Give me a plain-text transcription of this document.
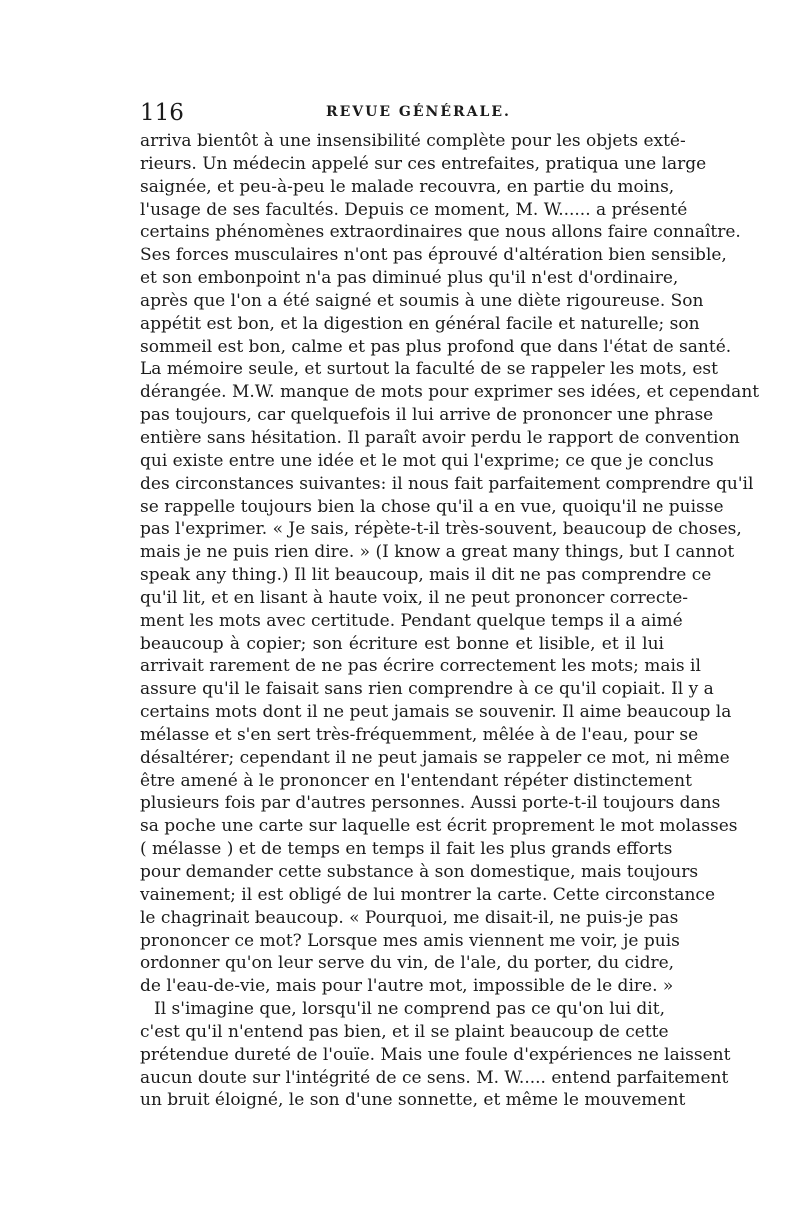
116	REVUE GÉNÉRALE.
arriva bientôt à une insensibilité complète pour les objets exté-
rieurs. Un médecin appelé sur ces entrefaites, pratiqua une large
saignée, et peu-à-peu le malade recouvra, en partie du moins,
l'usage de ses facultés. Depuis ce moment, M. W...... a présenté
certains phénomènes extraordinaires que nous allons faire connaître.
Ses forces musculaires n'ont pas éprouvé d'altération bien sensible,
et son embonpoint n'a pas diminué plus qu'il n'est d'ordinaire,
après que l'on a été saigné et soumis à une diète rigoureuse. Son
appétit est bon, et la digestion en général facile et naturelle; son
sommeil est bon, calme et pas plus profond que dans l'état de santé.
La mémoire seule, et surtout la faculté de se rappeler les mots, est
dérangée. M.W. manque de mots pour exprimer ses idées, et cependant
pas toujours, car quelquefois il lui arrive de prononcer une phrase
entière sans hésitation. Il paraît avoir perdu le rapport de convention
qui existe entre une idée et le mot qui l'exprime; ce que je conclus
des circonstances suivantes: il nous fait parfaitement comprendre qu'il
se rappelle toujours bien la chose qu'il a en vue, quoiqu'il ne puisse
pas l'exprimer. « Je sais, répète-t-il très-souvent, beaucoup de choses,
mais je ne puis rien dire. » (I know a great many things, but I cannot
speak any thing.) Il lit beaucoup, mais il dit ne pas comprendre ce
qu'il lit, et en lisant à haute voix, il ne peut prononcer correcte-
ment les mots avec certitude. Pendant quelque temps il a aimé
beaucoup à copier; son écriture est bonne et lisible, et il lui
arrivait rarement de ne pas écrire correctement les mots; mais il
assure qu'il le faisait sans rien comprendre à ce qu'il copiait. Il y a
certains mots dont il ne peut jamais se souvenir. Il aime beaucoup la
mélasse et s'en sert très-fréquemment, mêlée à de l'eau, pour se
désaltérer; cependant il ne peut jamais se rappeler ce mot, ni même
être amené à le prononcer en l'entendant répéter distinctement
plusieurs fois par d'autres personnes. Aussi porte-t-il toujours dans
sa poche une carte sur laquelle est écrit proprement le mot molasses
( mélasse ) et de temps en temps il fait les plus grands efforts
pour demander cette substance à son domestique, mais toujours
vainement; il est obligé de lui montrer la carte. Cette circonstance
le chagrinait beaucoup. « Pourquoi, me disait-il, ne puis-je pas
prononcer ce mot? Lorsque mes amis viennent me voir, je puis
ordonner qu'on leur serve du vin, de l'ale, du porter, du cidre,
de l'eau-de-vie, mais pour l'autre mot, impossible de le dire. »
Il s'imagine que, lorsqu'il ne comprend pas ce qu'on lui dit,
c'est qu'il n'entend pas bien, et il se plaint beaucoup de cette
prétendue dureté de l'ouïe. Mais une foule d'expériences ne laissent
aucun doute sur l'intégrité de ce sens. M. W..... entend parfaitement
un bruit éloigné, le son d'une sonnette, et même le mouvement
